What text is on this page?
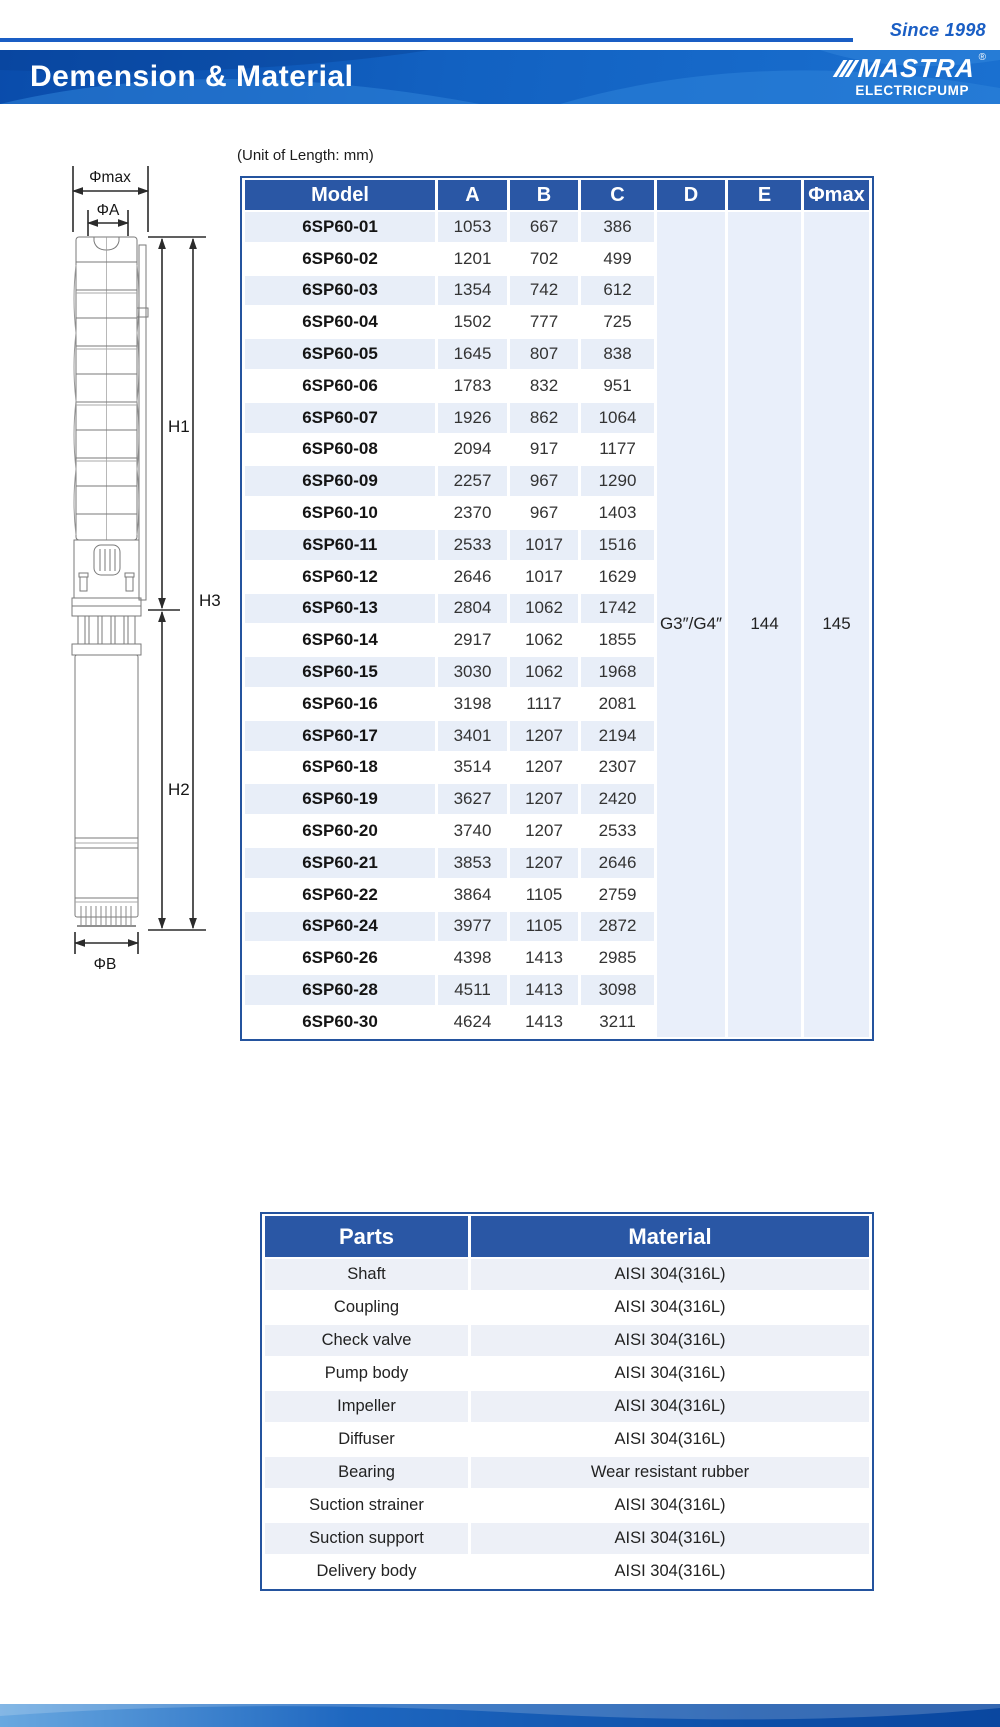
Since 1998
Demension & Material	MASTRA ®
ELECTRICPUMP
Φmax
ΦA
H1
H3
H2
ΦB
(Unit of Length: mm)
Model	A	B	C	D	E	Φmax
6SP60-01	1053	667	386	G3″/G4″	144	145
6SP60-02	1201	702	499			
6SP60-03	1354	742	612			
6SP60-04	1502	777	725			
6SP60-05	1645	807	838			
6SP60-06	1783	832	951			
6SP60-07	1926	862	1064			
6SP60-08	2094	917	1177			
6SP60-09	2257	967	1290			
6SP60-10	2370	967	1403			
6SP60-11	2533	1017	1516			
6SP60-12	2646	1017	1629			
6SP60-13	2804	1062	1742			
6SP60-14	2917	1062	1855			
6SP60-15	3030	1062	1968			
6SP60-16	3198	1117	2081			
6SP60-17	3401	1207	2194			
6SP60-18	3514	1207	2307			
6SP60-19	3627	1207	2420			
6SP60-20	3740	1207	2533			
6SP60-21	3853	1207	2646			
6SP60-22	3864	1105	2759			
6SP60-24	3977	1105	2872			
6SP60-26	4398	1413	2985			
6SP60-28	4511	1413	3098			
6SP60-30	4624	1413	3211			
Parts	Material
Shaft	AISI 304(316L)
Coupling	AISI 304(316L)
Check valve	AISI 304(316L)
Pump body	AISI 304(316L)
Impeller	AISI 304(316L)
Diffuser	AISI 304(316L)
Bearing	Wear resistant rubber
Suction strainer	AISI 304(316L)
Suction support	AISI 304(316L)
Delivery body	AISI 304(316L)
